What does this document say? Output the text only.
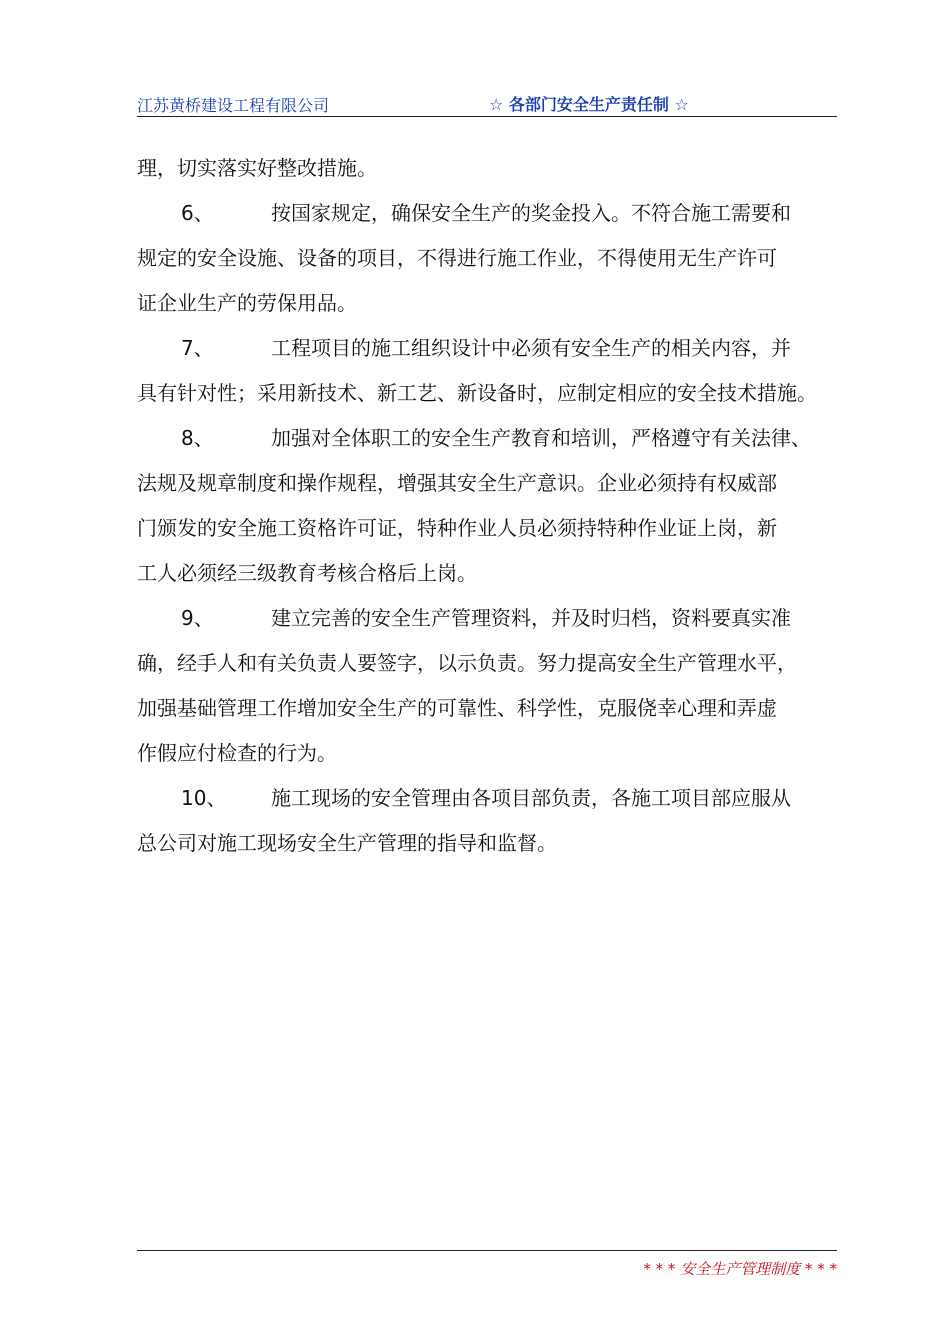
江苏黄桥建设工程有限公司	☆ 各部门安全生产责任制 ☆
理，切实落实好整改措施。
6、	按国家规定，确保安全生产的奖金投入。不符合施工需要和
规定的安全设施、设备的项目，不得进行施工作业，不得使用无生产许可
证企业生产的劳保用品。
7、	工程项目的施工组织设计中必须有安全生产的相关内容，并
具有针对性；采用新技术、新工艺、新设备时，应制定相应的安全技术措施。
8、	加强对全体职工的安全生产教育和培训，严格遵守有关法律、
法规及规章制度和操作规程，增强其安全生产意识。企业必须持有权威部
门颁发的安全施工资格许可证，特种作业人员必须持特种作业证上岗，新
工人必须经三级教育考核合格后上岗。
9、	建立完善的安全生产管理资料，并及时归档，资料要真实准
确，经手人和有关负责人要签字，以示负责。努力提高安全生产管理水平，
加强基础管理工作增加安全生产的可靠性、科学性，克服侥幸心理和弄虚
作假应付检查的行为。
10、 施工现场的安全管理由各项目部负责，各施工项目部应服从
总公司对施工现场安全生产管理的指导和监督。
* * * 安全生产管理制度 * * *
